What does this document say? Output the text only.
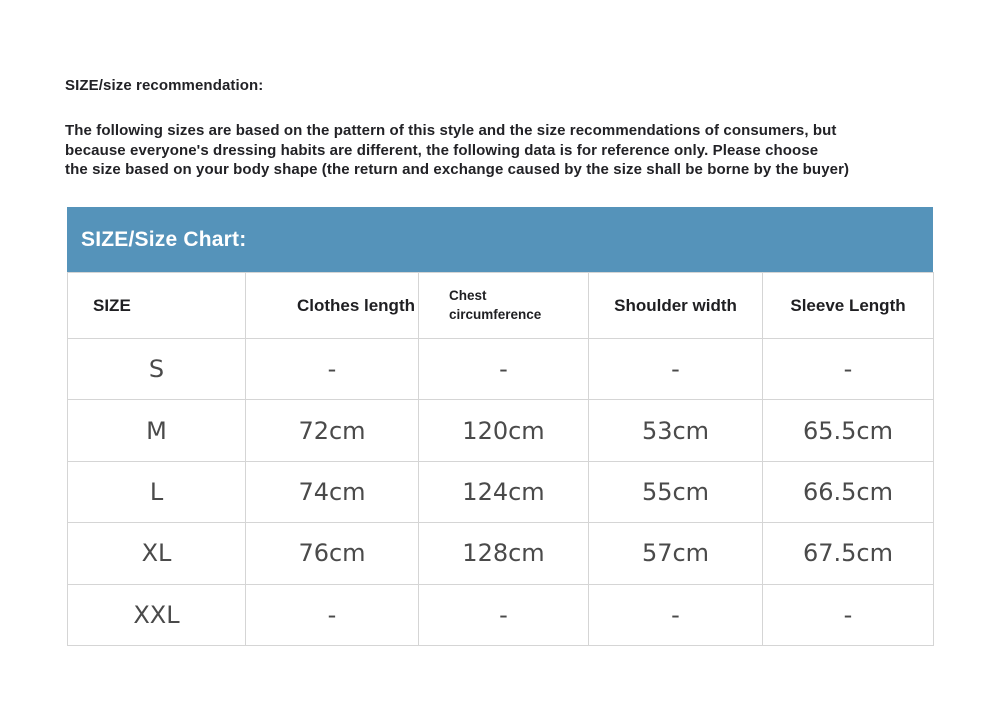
SIZE/size recommendation:
The following sizes are based on the pattern of this style and the size recommendations of consumers, but
because everyone's dressing habits are different, the following data is for reference only. Please choose
the size based on your body shape (the return and exchange caused by the size shall be borne by the buyer)
SIZE/Size Chart:
SIZE	Clothes length	Chest circumference	Shoulder width	Sleeve Length
S	-	-	-	-
M	72cm	120cm	53cm	65.5cm
L	74cm	124cm	55cm	66.5cm
XL	76cm	128cm	57cm	67.5cm
XXL	-	-	-	-
